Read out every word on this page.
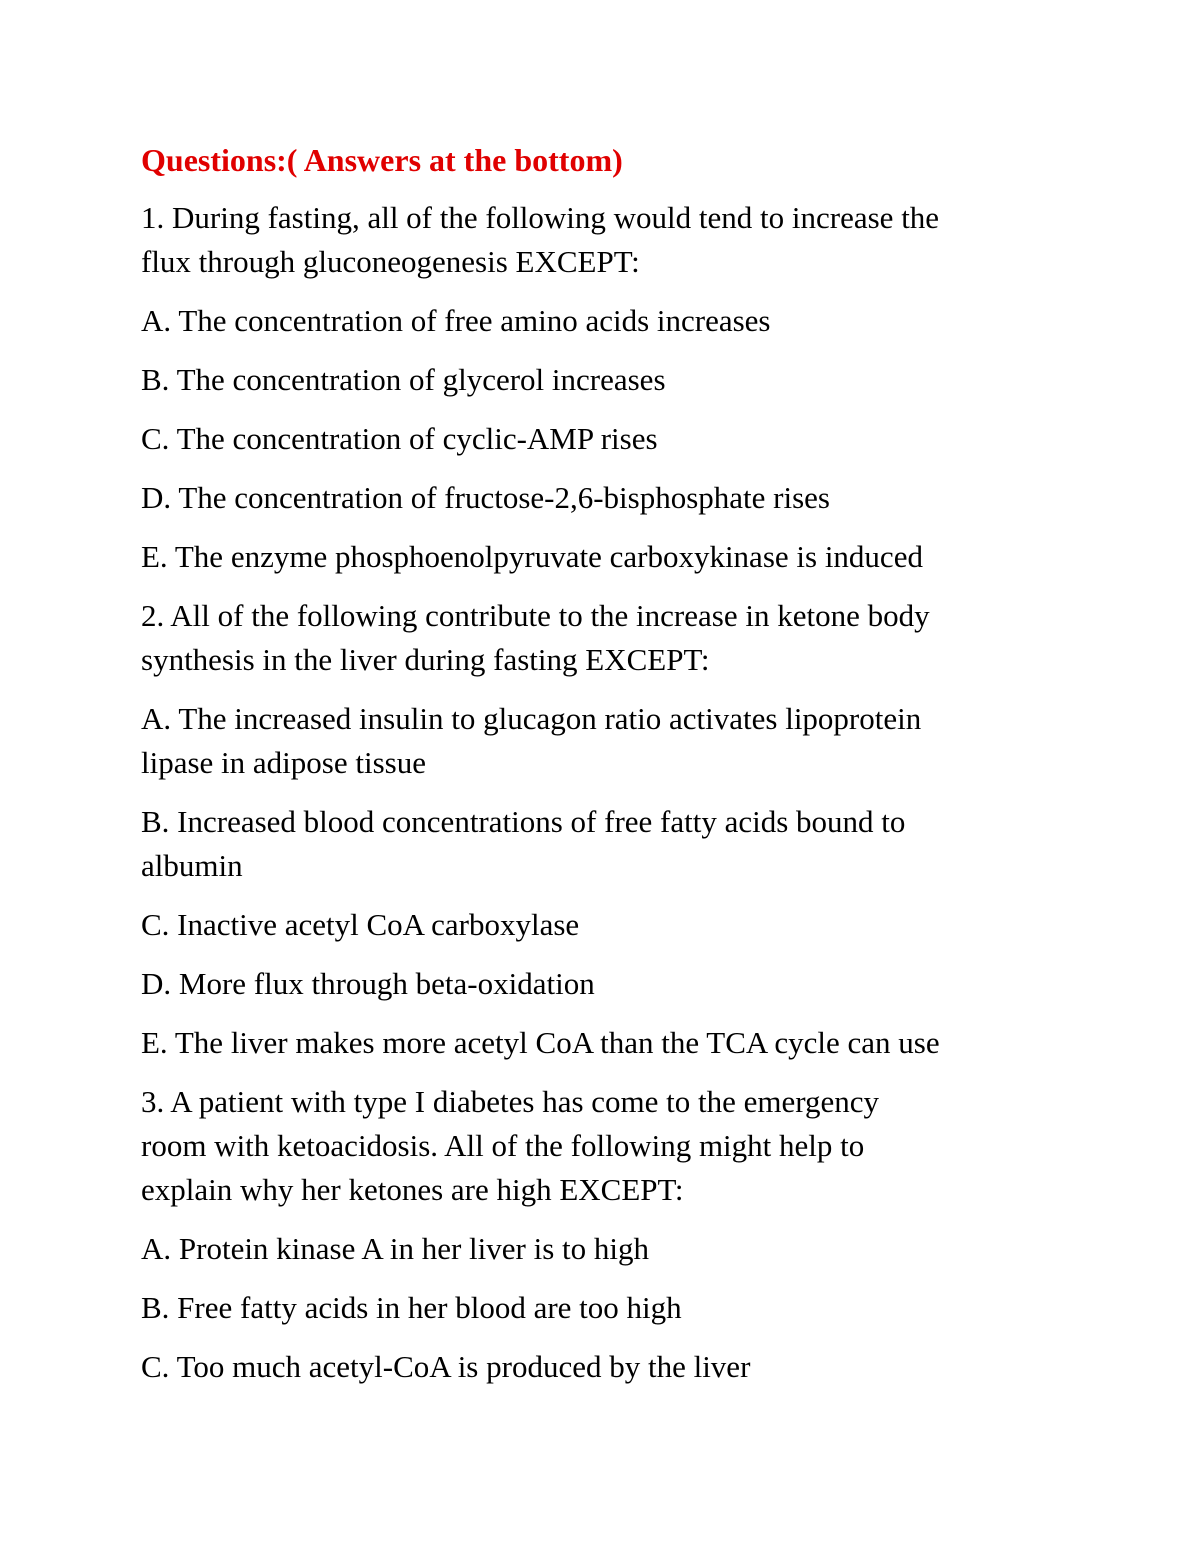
Questions:( Answers at the bottom)
1. During fasting, all of the following would tend to increase the
flux through gluconeogenesis EXCEPT:
A. The concentration of free amino acids increases
B. The concentration of glycerol increases
C. The concentration of cyclic-AMP rises
D. The concentration of fructose-2,6-bisphosphate rises
E. The enzyme phosphoenolpyruvate carboxykinase is induced
2. All of the following contribute to the increase in ketone body
synthesis in the liver during fasting EXCEPT:
A. The increased insulin to glucagon ratio activates lipoprotein
lipase in adipose tissue
B. Increased blood concentrations of free fatty acids bound to
albumin
C. Inactive acetyl CoA carboxylase
D. More flux through beta-oxidation
E. The liver makes more acetyl CoA than the TCA cycle can use
3. A patient with type I diabetes has come to the emergency
room with ketoacidosis. All of the following might help to
explain why her ketones are high EXCEPT:
A. Protein kinase A in her liver is to high
B. Free fatty acids in her blood are too high
C. Too much acetyl-CoA is produced by the liver
